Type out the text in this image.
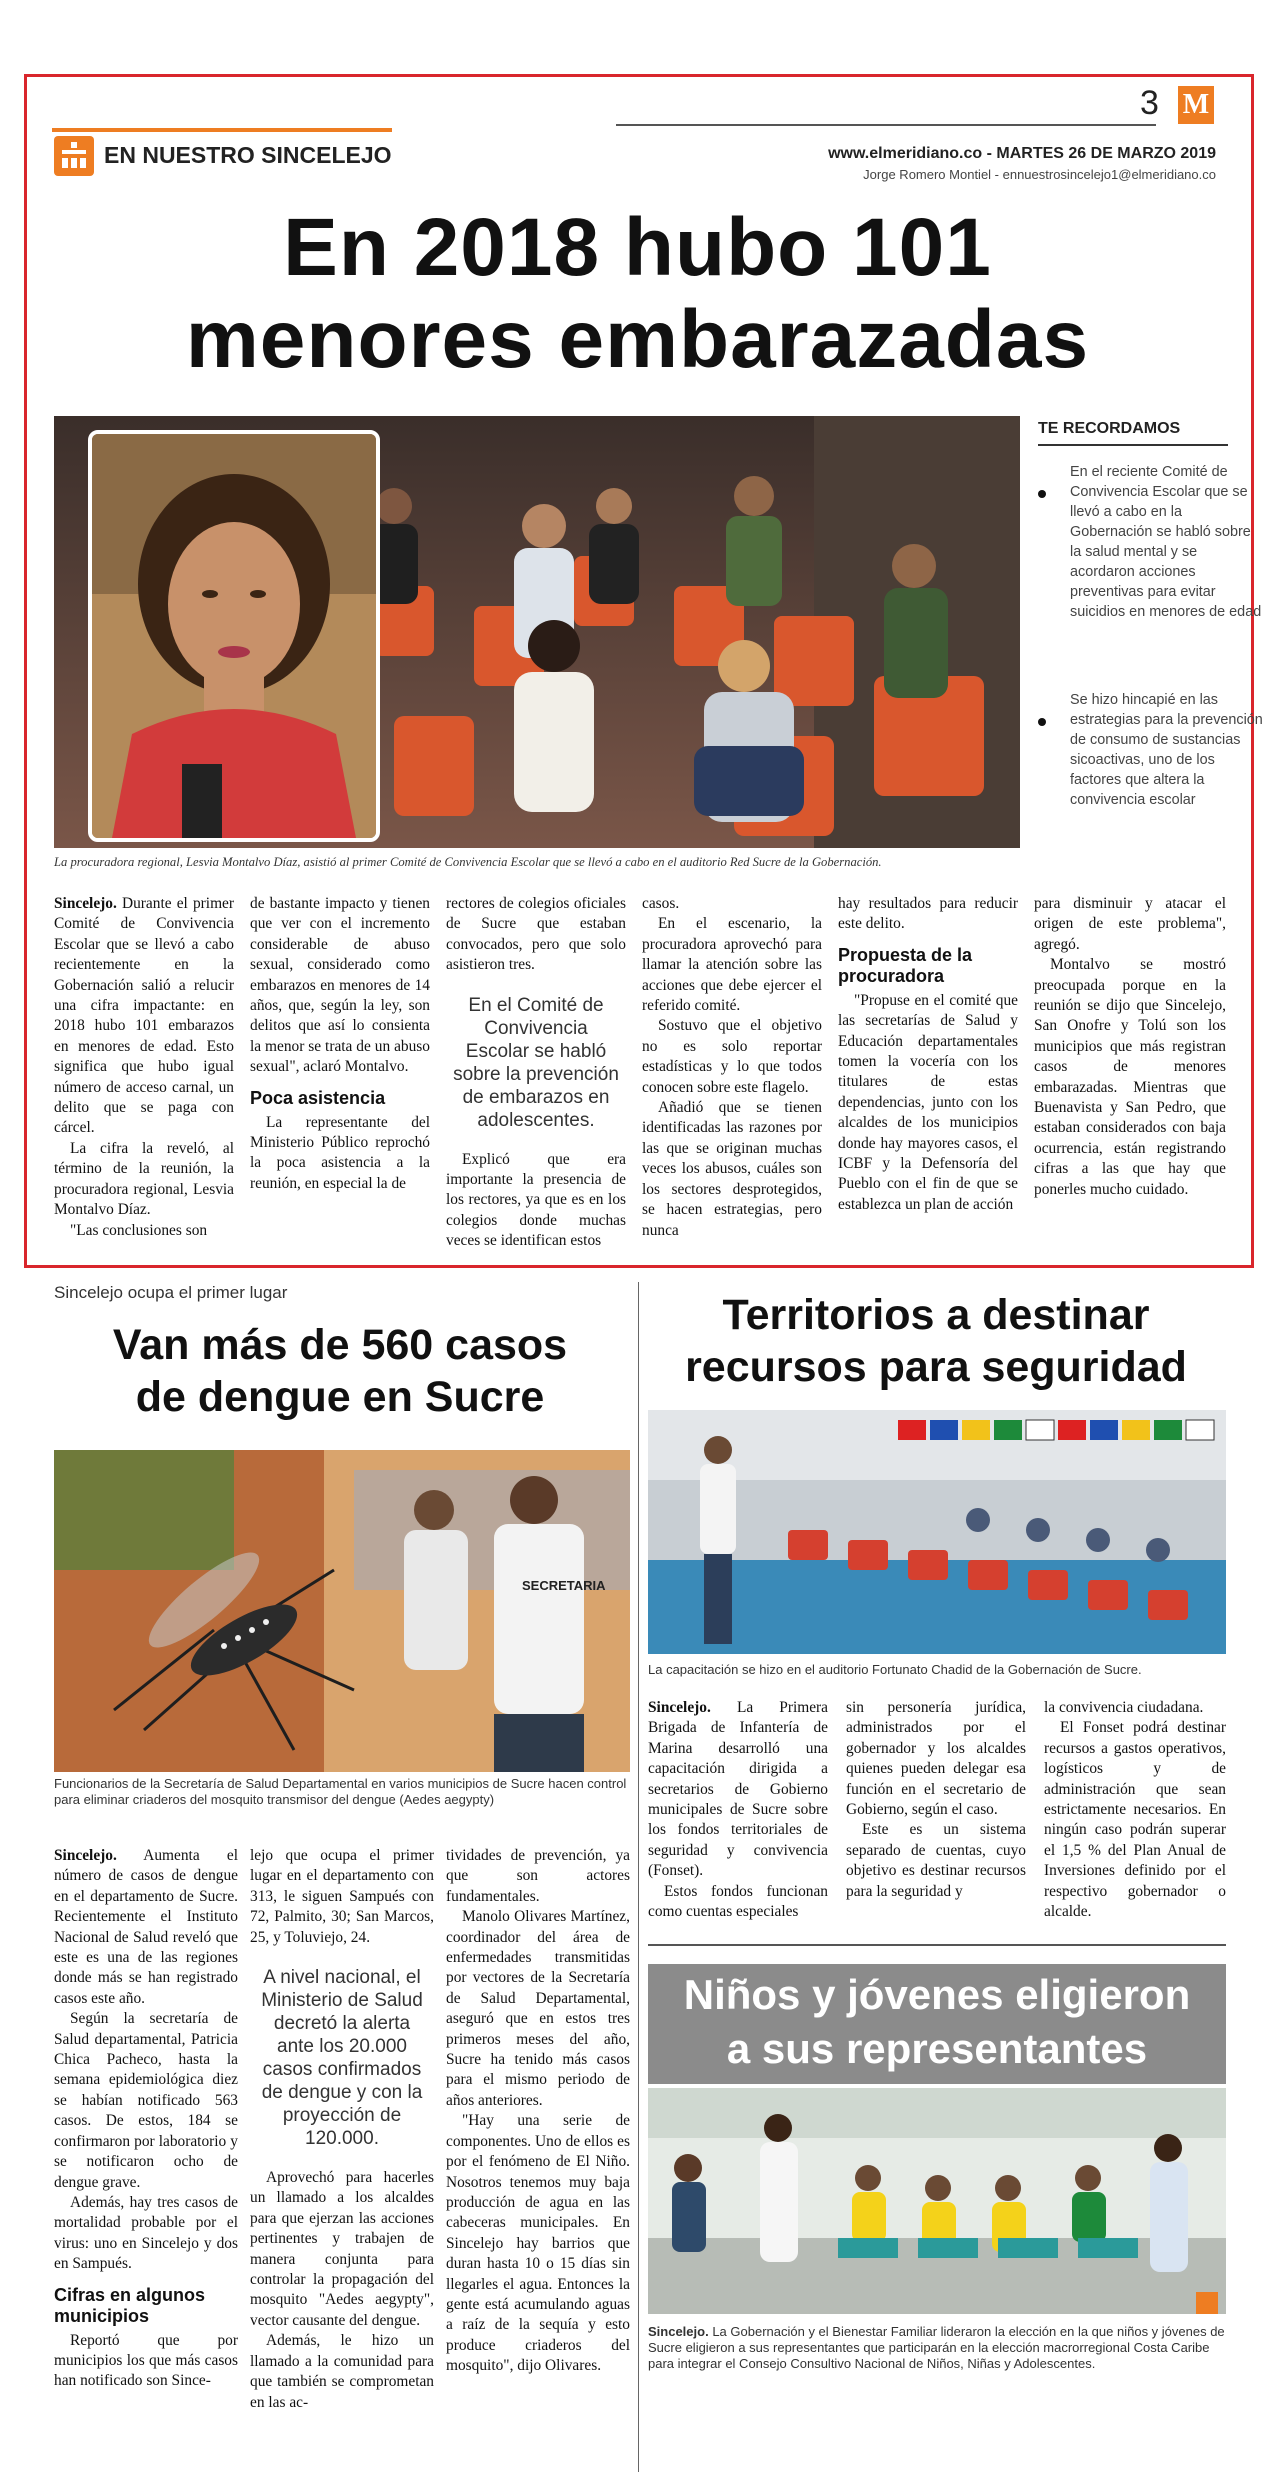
EN NUESTRO SINCELEJO
3 M
www.elmeridiano.co - MARTES 26 DE MARZO 2019
Jorge Romero Montiel - ennuestrosincelejo1@elmeridiano.co
En 2018 hubo 101
menores embarazadas
La procuradora regional, Lesvia Montalvo Díaz, asistió al primer Comité de Convivencia Escolar que se llevó a cabo en el auditorio Red Sucre de la Gobernación.
TE RECORDAMOS
En el reciente Comité de Convivencia Escolar que se llevó a cabo en la Gobernación se habló sobre la salud mental y se acordaron acciones preventivas para evitar suicidios en menores de edad
Se hizo hincapié en las estrategias para la prevención de consumo de sustancias sicoactivas, uno de los factores que altera la convivencia escolar

Sincelejo. Durante el primer Comité de Convivencia Escolar que se llevó a cabo recientemente en la Gobernación salió a relucir una cifra impactante: en 2018 hubo 101 embarazos en menores de edad. Esto significa que hubo igual número de acceso carnal, un delito que se paga con cárcel.

La cifra la reveló, al término de la reunión, la procuradora regional, Lesvia Montalvo Díaz.

"Las conclusiones son

de bastante impacto y tienen que ver con el incremento considerable de abuso sexual, considerado como embarazos en menores de 14 años, que, según la ley, son delitos que así lo consienta la menor se trata de un abuso sexual", aclaró Montalvo.

Poca asistencia

La representante del Ministerio Público reprochó la poca asistencia a la reunión, en especial la de

rectores de colegios oficiales de Sucre que estaban convocados, pero que solo asistieron tres.

En el Comité de Convivencia Escolar se habló sobre la prevención de embarazos en adolescentes.

Explicó que era importante la presencia de los rectores, ya que es en los colegios donde muchas veces se identifican estos

casos.

En el escenario, la procuradora aprovechó para llamar la atención sobre las acciones que debe ejercer el referido comité.

Sostuvo que el objetivo no es solo reportar estadísticas y lo que todos conocen sobre este flagelo.

Añadió que se tienen identificadas las razones por las que se originan muchas veces los abusos, cuáles son los sectores desprotegidos, se hacen estrategias, pero nunca

hay resultados para reducir este delito.

Propuesta de la procuradora

"Propuse en el comité que las secretarías de Salud y Educación departamentales tomen la vocería con los titulares de estas dependencias, junto con los alcaldes de los municipios donde hay mayores casos, el ICBF y la Defensoría del Pueblo con el fin de que se establezca un plan de acción

para disminuir y atacar el origen de este problema", agregó.

Montalvo se mostró preocupada porque en la reunión se dijo que Sincelejo, San Onofre y Tolú son los municipios que más registran casos de menores embarazadas. Mientras que Buenavista y San Pedro, que estaban considerados con baja ocurrencia, están registrando cifras a las que hay que ponerles mucho cuidado.

Sincelejo ocupa el primer lugar
Van más de 560 casos
de dengue en Sucre
SECRETARIA
Funcionarios de la Secretaría de Salud Departamental en varios municipios de Sucre hacen control para eliminar criaderos del mosquito transmisor del dengue (Aedes aegypty)

Sincelejo. Aumenta el número de casos de dengue en el departamento de Sucre. Recientemente el Instituto Nacional de Salud reveló que este es una de las regiones donde más se han registrado casos este año.

Según la secretaría de Salud departamental, Patricia Chica Pacheco, hasta la semana epidemiológica diez se habían notificado 563 casos. De estos, 184 se confirmaron por laboratorio y se notificaron ocho de dengue grave.

Además, hay tres casos de mortalidad probable por el virus: uno en Sincelejo y dos en Sampués.

Cifras en algunos municipios

Reportó que por municipios los que más casos han notificado son Since-

lejo que ocupa el primer lugar en el departamento con 313, le siguen Sampués con 72, Palmito, 30; San Marcos, 25, y Toluviejo, 24.

A nivel nacional, el Ministerio de Salud decretó la alerta ante los 20.000 casos confirmados de dengue y con la proyección de 120.000.

Aprovechó para hacerles un llamado a los alcaldes para que ejerzan las acciones pertinentes y trabajen de manera conjunta para controlar la propagación del mosquito "Aedes aegypty", vector causante del dengue.

Además, le hizo un llamado a la comunidad para que también se comprometan en las ac-

tividades de prevención, ya que son actores fundamentales.

Manolo Olivares Martínez, coordinador del área de enfermedades transmitidas por vectores de la Secretaría de Salud Departamental, aseguró que en estos tres primeros meses del año, Sucre ha tenido más casos para el mismo periodo de años anteriores.

"Hay una serie de componentes. Uno de ellos es por el fenómeno de El Niño. Nosotros tenemos muy baja producción de agua en las cabeceras municipales. En Sincelejo hay barrios que duran hasta 10 o 15 días sin llegarles el agua. Entonces la gente está acumulando aguas a raíz de la sequía y esto produce criaderos del mosquito", dijo Olivares.

Territorios a destinar
recursos para seguridad
La capacitación se hizo en el auditorio Fortunato Chadid de la Gobernación de Sucre.

Sincelejo. La Primera Brigada de Infantería de Marina desarrolló una capacitación dirigida a secretarios de Gobierno municipales de Sucre sobre los fondos territoriales de seguridad y convivencia (Fonset).

Estos fondos funcionan como cuentas especiales

sin personería jurídica, administrados por el gobernador y los alcaldes quienes pueden delegar esa función en el secretario de Gobierno, según el caso.

Este es un sistema separado de cuentas, cuyo objetivo es destinar recursos para la seguridad y

la convivencia ciudadana.

El Fonset podrá destinar recursos a gastos operativos, logísticos y de administración que sean estrictamente necesarios. En ningún caso podrán superar el 1,5 % del Plan Anual de Inversiones definido por el respectivo gobernador o alcalde.

Niños y jóvenes eligieron
a sus representantes
Sincelejo. La Gobernación y el Bienestar Familiar lideraron la elección en la que niños y jóvenes de Sucre eligieron a sus representantes que participarán en la elección macrorregional Costa Caribe para integrar el Consejo Consultivo Nacional de Niños, Niñas y Adolescentes.
